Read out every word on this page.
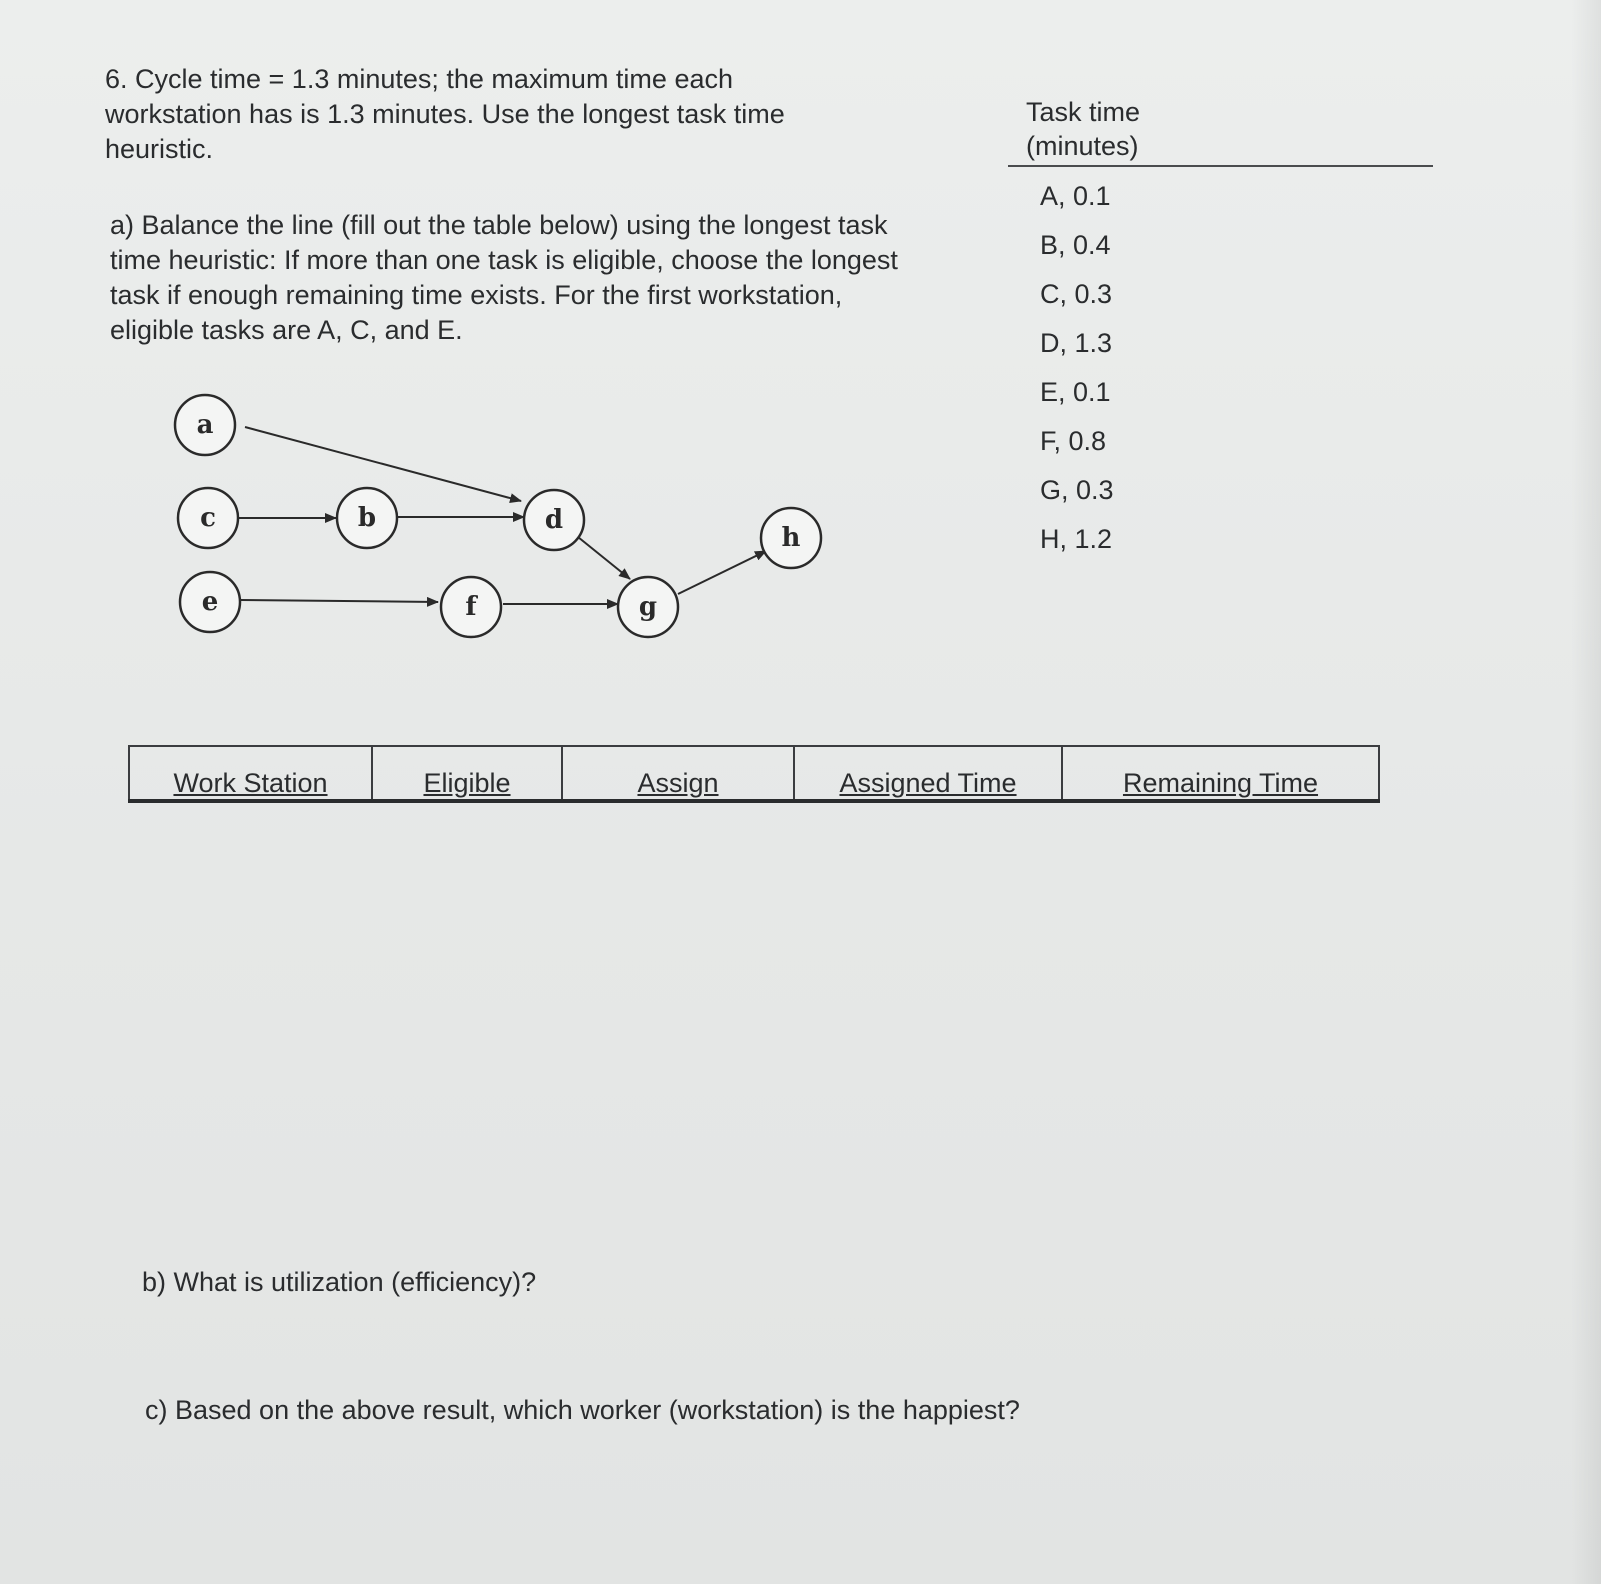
6. Cycle time = 1.3 minutes; the maximum time each workstation has is 1.3 minutes. Use the longest task time heuristic.

a) Balance the line (fill out the table below) using the longest task time heuristic: If more than one task is eligible, choose the longest task if enough remaining time exists. For the first workstation, eligible tasks are A, C, and E.

Task time
(minutes)
A, 0.1
B, 0.4
C, 0.3
D, 1.3
E, 0.1
F, 0.8
G, 0.3
H, 1.2
a
c
e
b	d
f	g
h
Work Station	Eligible	Assign	Assigned Time	Remaining Time

b) What is utilization (efficiency)?

c) Based on the above result, which worker (workstation) is the happiest?
